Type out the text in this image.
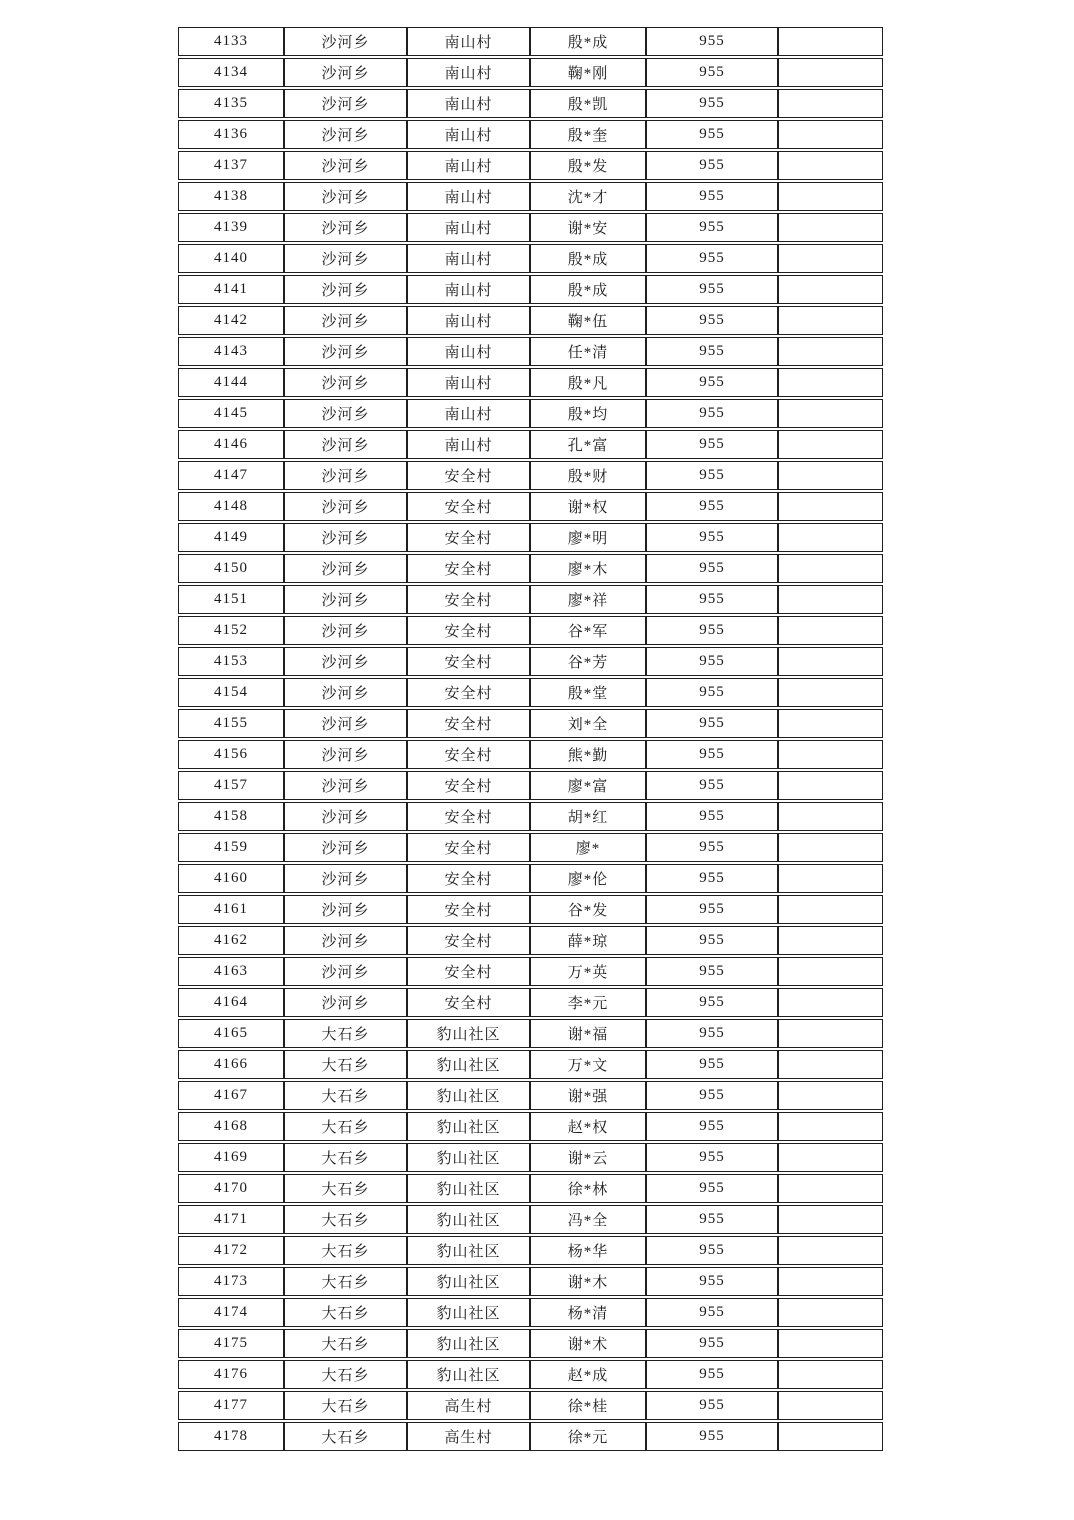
4133	沙河乡	南山村	殷*成	955	
4134	沙河乡	南山村	鞠*刚	955	
4135	沙河乡	南山村	殷*凯	955	
4136	沙河乡	南山村	殷*奎	955	
4137	沙河乡	南山村	殷*发	955	
4138	沙河乡	南山村	沈*才	955	
4139	沙河乡	南山村	谢*安	955	
4140	沙河乡	南山村	殷*成	955	
4141	沙河乡	南山村	殷*成	955	
4142	沙河乡	南山村	鞠*伍	955	
4143	沙河乡	南山村	任*清	955	
4144	沙河乡	南山村	殷*凡	955	
4145	沙河乡	南山村	殷*均	955	
4146	沙河乡	南山村	孔*富	955	
4147	沙河乡	安全村	殷*财	955	
4148	沙河乡	安全村	谢*权	955	
4149	沙河乡	安全村	廖*明	955	
4150	沙河乡	安全村	廖*木	955	
4151	沙河乡	安全村	廖*祥	955	
4152	沙河乡	安全村	谷*军	955	
4153	沙河乡	安全村	谷*芳	955	
4154	沙河乡	安全村	殷*堂	955	
4155	沙河乡	安全村	刘*全	955	
4156	沙河乡	安全村	熊*勤	955	
4157	沙河乡	安全村	廖*富	955	
4158	沙河乡	安全村	胡*红	955	
4159	沙河乡	安全村	廖*	955	
4160	沙河乡	安全村	廖*伦	955	
4161	沙河乡	安全村	谷*发	955	
4162	沙河乡	安全村	薛*琼	955	
4163	沙河乡	安全村	万*英	955	
4164	沙河乡	安全村	李*元	955	
4165	大石乡	豹山社区	谢*福	955	
4166	大石乡	豹山社区	万*文	955	
4167	大石乡	豹山社区	谢*强	955	
4168	大石乡	豹山社区	赵*权	955	
4169	大石乡	豹山社区	谢*云	955	
4170	大石乡	豹山社区	徐*林	955	
4171	大石乡	豹山社区	冯*全	955	
4172	大石乡	豹山社区	杨*华	955	
4173	大石乡	豹山社区	谢*木	955	
4174	大石乡	豹山社区	杨*清	955	
4175	大石乡	豹山社区	谢*术	955	
4176	大石乡	豹山社区	赵*成	955	
4177	大石乡	高生村	徐*桂	955	
4178	大石乡	高生村	徐*元	955	
